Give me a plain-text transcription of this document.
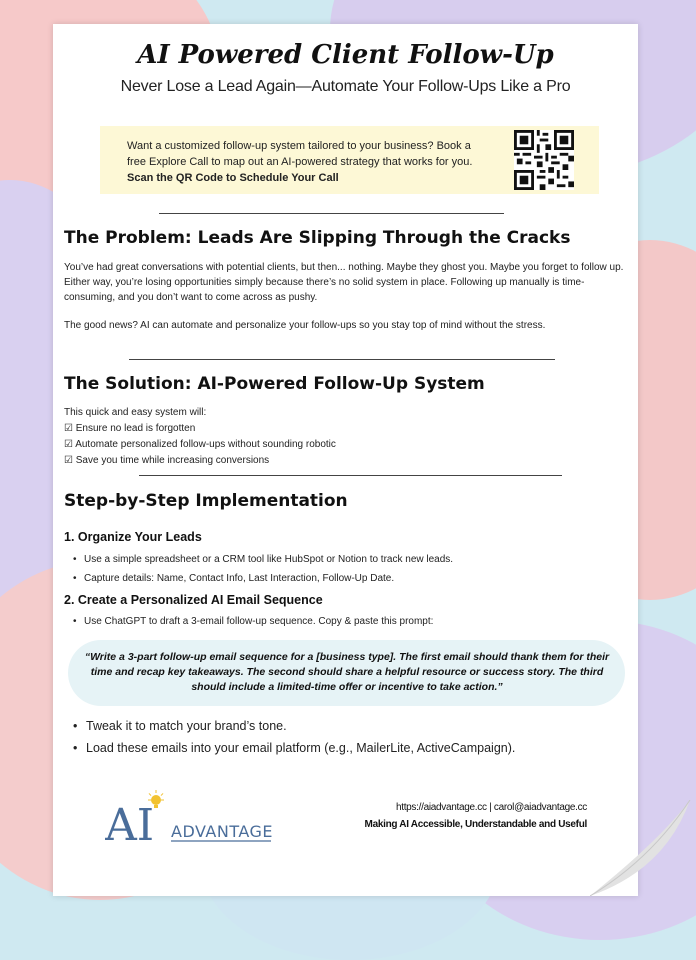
AI Powered Client Follow-Up
Never Lose a Lead Again—Automate Your Follow-Ups Like a Pro
Want a customized follow-up system tailored to your business? Book a free Explore Call to map out an AI-powered strategy that works for you. Scan the QR Code to Schedule Your Call
The Problem: Leads Are Slipping Through the Cracks

You’ve had great conversations with potential clients, but then... nothing. Maybe they ghost you. Maybe you forget to follow up. Either way, you’re losing opportunities simply because there’s no solid system in place. Following up manually is time-consuming, and you don’t want to come across as pushy.

The good news? AI can automate and personalize your follow-ups so you stay top of mind without the stress.

The Solution: AI-Powered Follow-Up System
This quick and easy system will:
☑ Ensure no lead is forgotten
☑ Automate personalized follow-ups without sounding robotic
☑ Save you time while increasing conversions
Step-by-Step Implementation
1. Organize Your Leads
• Use a simple spreadsheet or a CRM tool like HubSpot or Notion to track new leads.
• Capture details: Name, Contact Info, Last Interaction, Follow-Up Date.
2. Create a Personalized AI Email Sequence
• Use ChatGPT to draft a 3-email follow-up sequence. Copy & paste this prompt:
“Write a 3-part follow-up email sequence for a [business type]. The first email should thank them for their time and recap key takeaways. The second should share a helpful resource or success story. The third should include a limited-time offer or incentive to take action.”
• Tweak it to match your brand’s tone.
• Load these emails into your email platform (e.g., MailerLite, ActiveCampaign).
AI ADVANTAGE
https://aiadvantage.cc | carol@aiadvantage.cc
Making AI Accessible, Understandable and Useful
